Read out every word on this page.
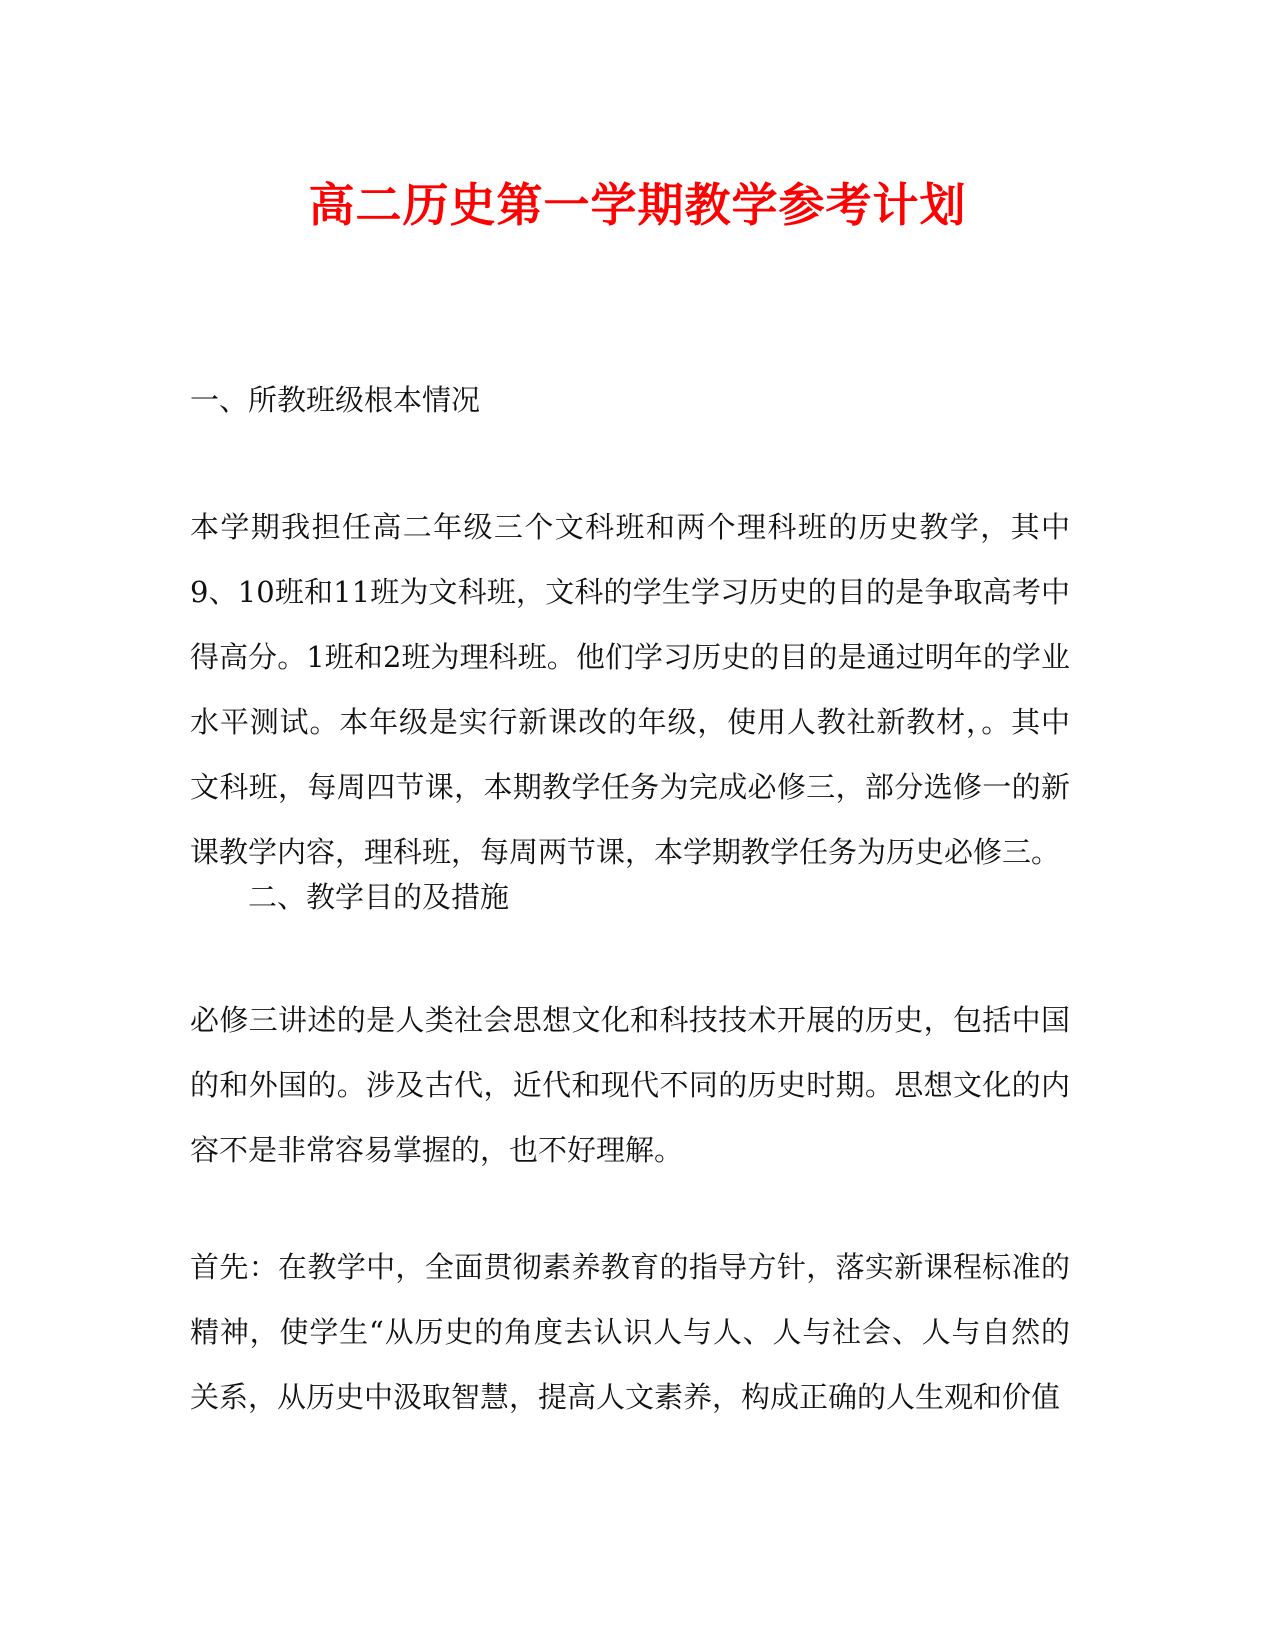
高二历史第一学期教学参考计划

一、所教班级根本情况

本学期我担任高二年级三个文科班和两个理科班的历史教学，其中9、10班和11班为文科班，文科的学生学习历史的目的是争取高考中得高分。1班和2班为理科班。他们学习历史的目的是通过明年的学业水平测试。本年级是实行新课改的年级，使用人教社新教材，。其中文科班，每周四节课，本期教学任务为完成必修三，部分选修一的新课教学内容，理科班，每周两节课，本学期教学任务为历史必修三。

二、教学目的及措施

必修三讲述的是人类社会思想文化和科技技术开展的历史，包括中国的和外国的。涉及古代，近代和现代不同的历史时期。思想文化的内容不是非常容易掌握的，也不好理解。

首先：在教学中，全面贯彻素养教育的指导方针，落实新课程标准的精神，使学生“从历史的角度去认识人与人、人与社会、人与自然的关系，从历史中汲取智慧，提高人文素养，构成正确的人生观和价值
